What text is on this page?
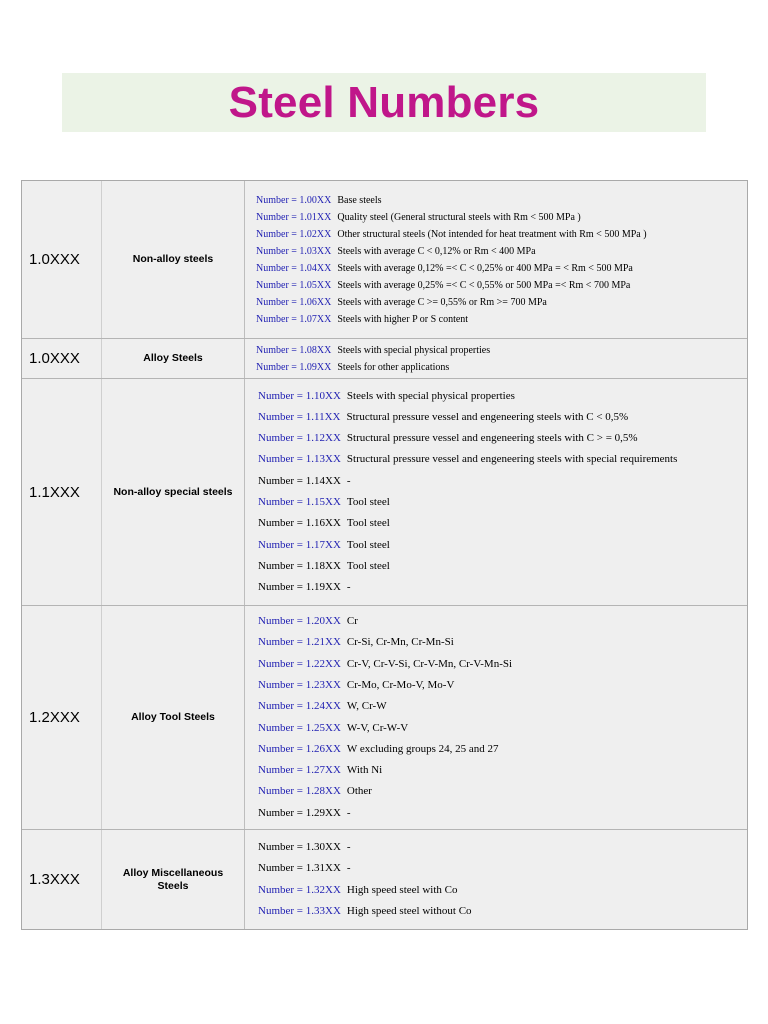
Steel Numbers
1.0XXX	Non-alloy steels
Number = 1.00XX Base steels
Number = 1.01XX Quality steel (General structural steels with Rm < 500 MPa )
Number = 1.02XX Other structural steels (Not intended for heat treatment with Rm < 500 MPa )
Number = 1.03XX Steels with average C < 0,12% or Rm < 400 MPa
Number = 1.04XX Steels with average 0,12% =< C < 0,25% or 400 MPa = < Rm < 500 MPa
Number = 1.05XX Steels with average 0,25% =< C < 0,55% or 500 MPa =< Rm < 700 MPa
Number = 1.06XX Steels with average C >= 0,55% or Rm >= 700 MPa
Number = 1.07XX Steels with higher P or S content
1.0XXX	Alloy Steels
Number = 1.08XX Steels with special physical properties
Number = 1.09XX Steels for other applications
1.1XXX	Non-alloy special steels
Number = 1.10XX Steels with special physical properties
Number = 1.11XX Structural pressure vessel and engeneering steels with C < 0,5%
Number = 1.12XX Structural pressure vessel and engeneering steels with C > = 0,5%
Number = 1.13XX Structural pressure vessel and engeneering steels with special requirements
Number = 1.14XX -
Number = 1.15XX Tool steel
Number = 1.16XX Tool steel
Number = 1.17XX Tool steel
Number = 1.18XX Tool steel
Number = 1.19XX -
1.2XXX	Alloy Tool Steels
Number = 1.20XX Cr
Number = 1.21XX Cr-Si, Cr-Mn, Cr-Mn-Si
Number = 1.22XX Cr-V, Cr-V-Si, Cr-V-Mn, Cr-V-Mn-Si
Number = 1.23XX Cr-Mo, Cr-Mo-V, Mo-V
Number = 1.24XX W, Cr-W
Number = 1.25XX W-V, Cr-W-V
Number = 1.26XX W excluding groups 24, 25 and 27
Number = 1.27XX With Ni
Number = 1.28XX Other
Number = 1.29XX -
1.3XXX	Alloy Miscellaneous Steels
Number = 1.30XX -
Number = 1.31XX -
Number = 1.32XX High speed steel with Co
Number = 1.33XX High speed steel without Co
